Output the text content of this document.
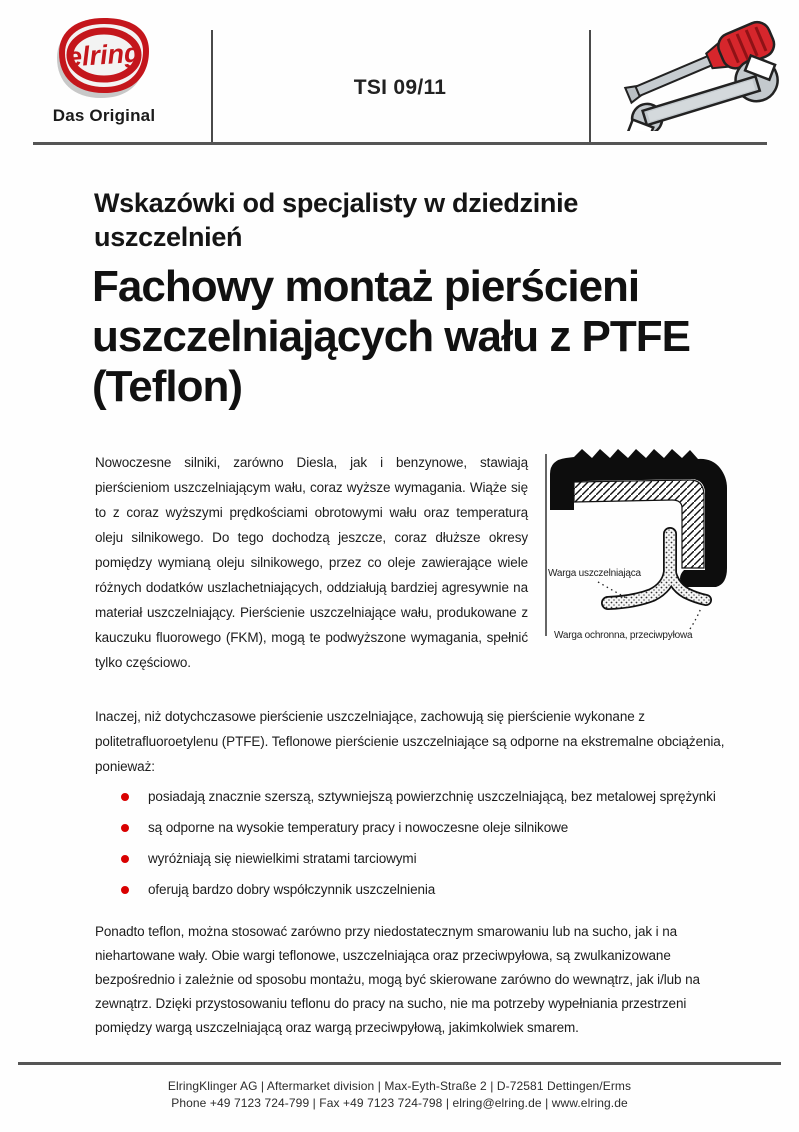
elring
Das Original
TSI 09/11
Wskazówki od specjalisty w dziedzinie uszczelnień
Fachowy montaż pierścieni uszczelniających wału z PTFE (Teflon)

Nowoczesne silniki, zarówno Diesla, jak i benzynowe, stawiają pierścieniom uszczelniającym wału, coraz wyższe wymagania. Wiąże się to z coraz wyższymi prędkościami obrotowymi wału oraz temperaturą oleju silnikowego. Do tego dochodzą jeszcze, coraz dłuższe okresy pomiędzy wymianą oleju silnikowego, przez co oleje zawierające wiele różnych dodatków uszlachetniających, oddziałują bardziej agresywnie na materiał uszczelniający. Pierścienie uszczelniające wału, produkowane z kauczuku fluorowego (FKM), mogą te podwyższone wymagania, spełnić tylko częściowo.

Warga uszczelniająca
Warga ochronna, przeciwpyłowa

Inaczej, niż dotychczasowe pierścienie uszczelniające, zachowują się pierścienie wykonane z politetrafluoroetylenu (PTFE). Teflonowe pierścienie uszczelniające są odporne na ekstremalne obciążenia, ponieważ:

posiadają znacznie szerszą, sztywniejszą powierzchnię uszczelniającą, bez metalowej sprężynki
są odporne na wysokie temperatury pracy i nowoczesne oleje silnikowe
wyróżniają się niewielkimi stratami tarciowymi
oferują bardzo dobry współczynnik uszczelnienia

Ponadto teflon, można stosować zarówno przy niedostatecznym smarowaniu lub na sucho, jak i na niehartowane wały. Obie wargi teflonowe, uszczelniająca oraz przeciwpyłowa, są zwulkanizowane bezpośrednio i zależnie od sposobu montażu, mogą być skierowane zarówno do wewnątrz, jak i/lub na zewnątrz. Dzięki przystosowaniu teflonu do pracy na sucho, nie ma potrzeby wypełniania przestrzeni pomiędzy wargą uszczelniającą oraz wargą przeciwpyłową, jakimkolwiek smarem.

ElringKlinger AG | Aftermarket division | Max-Eyth-Straße 2 | D-72581 Dettingen/Erms
Phone +49 7123 724-799 | Fax +49 7123 724-798 | elring@elring.de | www.elring.de
